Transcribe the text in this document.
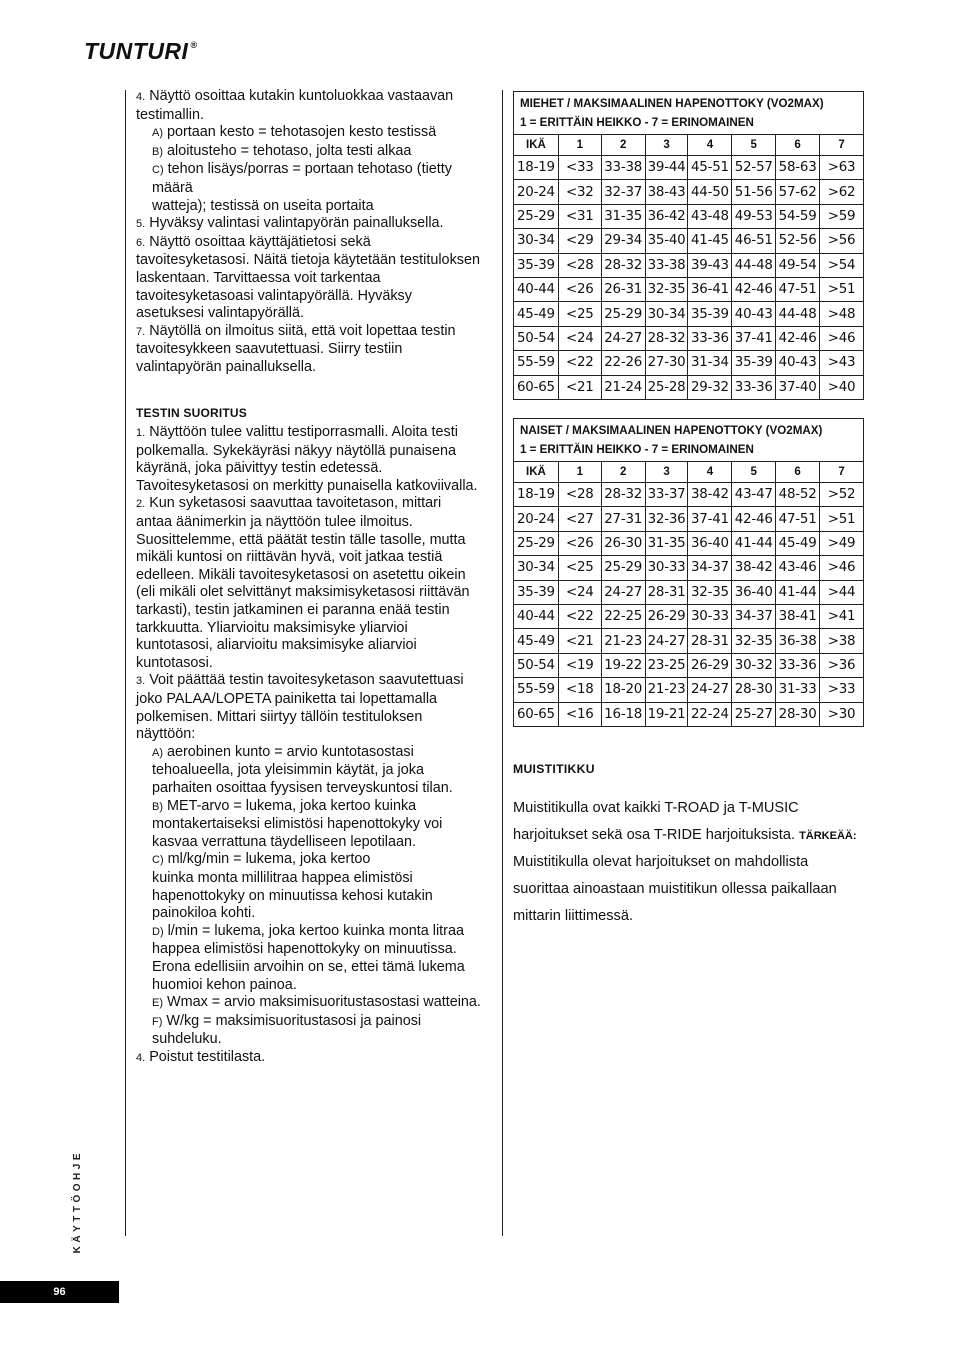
TUNTURI ®
KÄYTTÖOHJE
96

4. Näyttö osoittaa kutakin kuntoluokkaa vastaavan testimallin.

A) portaan kesto = tehotasojen kesto testissä

B) aloitusteho = tehotaso, jolta testi alkaa

C) tehon lisäys/porras = portaan tehotaso (tietty määrä

watteja); testissä on useita portaita

5. Hyväksy valintasi valintapyörän painalluksella.

6. Näyttö osoittaa käyttäjätietosi sekä tavoitesyketasosi. Näitä tietoja käytetään testituloksen laskentaan. Tarvittaessa voit tarkentaa tavoitesyketasoasi valintapyörällä. Hyväksy asetuksesi valintapyörällä.

7. Näytöllä on ilmoitus siitä, että voit lopettaa testin tavoitesykkeen saavutettuasi. Siirry testiin valintapyörän painalluksella.

TESTIN SUORITUS

1. Näyttöön tulee valittu testiporrasmalli. Aloita testi polkemalla. Sykekäyräsi näkyy näytöllä punaisena käyränä, joka päivittyy testin edetessä. Tavoitesyketasosi on merkitty punaisella katkoviivalla.

2. Kun syketasosi saavuttaa tavoitetason, mittari antaa äänimerkin ja näyttöön tulee ilmoitus. Suosittelemme, että päätät testin tälle tasolle, mutta mikäli kuntosi on riittävän hyvä, voit jatkaa testiä edelleen. Mikäli tavoitesyketasosi on asetettu oikein (eli mikäli olet selvittänyt maksimisyketasosi riittävän tarkasti), testin jatkaminen ei paranna enää testin tarkkuutta. Yliarvioitu maksimisyke yliarvioi kuntotasosi, aliarvioitu maksimisyke aliarvioi kuntotasosi.

3. Voit päättää testin tavoitesyketason saavutettuasi joko PALAA/LOPETA painiketta tai lopettamalla polkemisen. Mittari siirtyy tällöin testituloksen näyttöön:

A) aerobinen kunto = arvio kuntotasostasi tehoalueella, jota yleisimmin käytät, ja joka parhaiten osoittaa fyysisen terveyskuntosi tilan.

B) MET-arvo = lukema, joka kertoo kuinka montakertaiseksi elimistösi hapenottokyky voi kasvaa verrattuna täydelliseen lepotilaan.

C) ml/kg/min = lukema, joka kertoo

kuinka monta millilitraa happea elimistösi hapenottokyky on minuutissa kehosi kutakin painokiloa kohti.

D) l/min = lukema, joka kertoo kuinka monta litraa happea elimistösi hapenottokyky on minuutissa. Erona edellisiin arvoihin on se, ettei tämä lukema huomioi kehon painoa.

E) Wmax = arvio maksimisuoritustasostasi watteina.

F) W/kg = maksimisuoritustasosi ja painosi suhdeluku.

4. Poistut testitilasta.

MIEHET / MAKSIMAALINEN HAPENOTTOKY (VO2MAX)
1 = ERITTÄIN HEIKKO - 7 = ERINOMAINEN							

IKÄ	1	2	3	4	5	6	7
18-19	<33	33-38	39-44	45-51	52-57	58-63	>63
20-24	<32	32-37	38-43	44-50	51-56	57-62	>62
25-29	<31	31-35	36-42	43-48	49-53	54-59	>59
30-34	<29	29-34	35-40	41-45	46-51	52-56	>56
35-39	<28	28-32	33-38	39-43	44-48	49-54	>54
40-44	<26	26-31	32-35	36-41	42-46	47-51	>51
45-49	<25	25-29	30-34	35-39	40-43	44-48	>48
50-54	<24	24-27	28-32	33-36	37-41	42-46	>46
55-59	<22	22-26	27-30	31-34	35-39	40-43	>43
60-65	<21	21-24	25-28	29-32	33-36	37-40	>40
NAISET / MAKSIMAALINEN HAPENOTTOKY (VO2MAX)
1 = ERITTÄIN HEIKKO - 7 = ERINOMAINEN							

IKÄ	1	2	3	4	5	6	7
18-19	<28	28-32	33-37	38-42	43-47	48-52	>52
20-24	<27	27-31	32-36	37-41	42-46	47-51	>51
25-29	<26	26-30	31-35	36-40	41-44	45-49	>49
30-34	<25	25-29	30-33	34-37	38-42	43-46	>46
35-39	<24	24-27	28-31	32-35	36-40	41-44	>44
40-44	<22	22-25	26-29	30-33	34-37	38-41	>41
45-49	<21	21-23	24-27	28-31	32-35	36-38	>38
50-54	<19	19-22	23-25	26-29	30-32	33-36	>36
55-59	<18	18-20	21-23	24-27	28-30	31-33	>33
60-65	<16	16-18	19-21	22-24	25-27	28-30	>30

MUISTITIKKU

Muistitikulla ovat kaikki T-ROAD ja T-MUSIC harjoitukset sekä osa T-RIDE harjoituksista. TÄRKEÄÄ: Muistitikulla olevat harjoitukset on mahdollista suorittaa ainoastaan muistitikun ollessa paikallaan mittarin liittimessä.
